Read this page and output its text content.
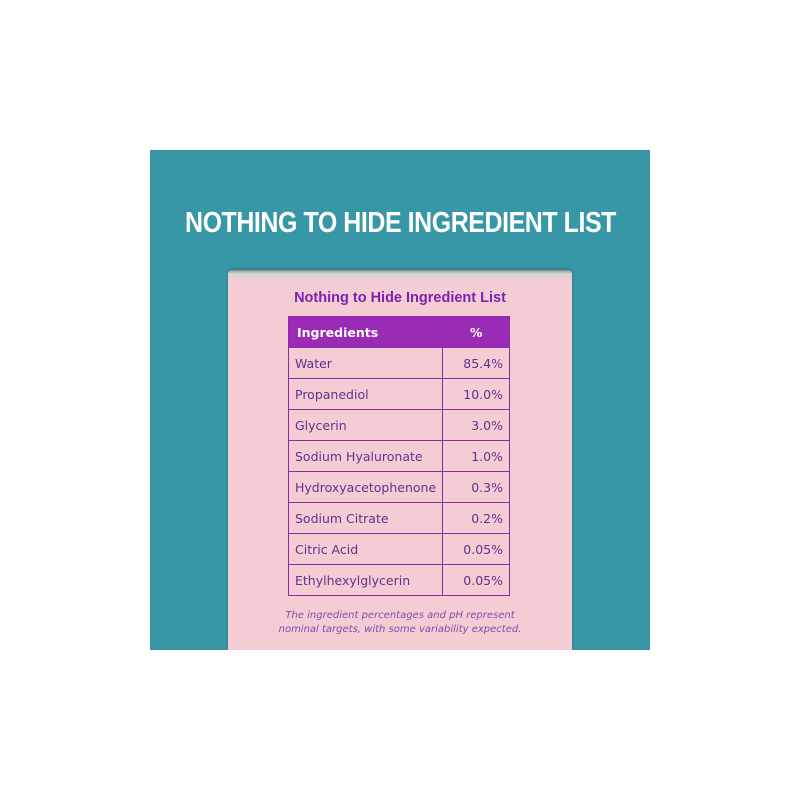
NOTHING TO HIDE INGREDIENT LIST
Nothing to Hide Ingredient List
Ingredients	%
Water	85.4%
Propanediol	10.0%
Glycerin	3.0%
Sodium Hyaluronate	1.0%
Hydroxyacetophenone	0.3%
Sodium Citrate	0.2%
Citric Acid	0.05%
Ethylhexylglycerin	0.05%
The ingredient percentages and pH represent
nominal targets, with some variability expected.
